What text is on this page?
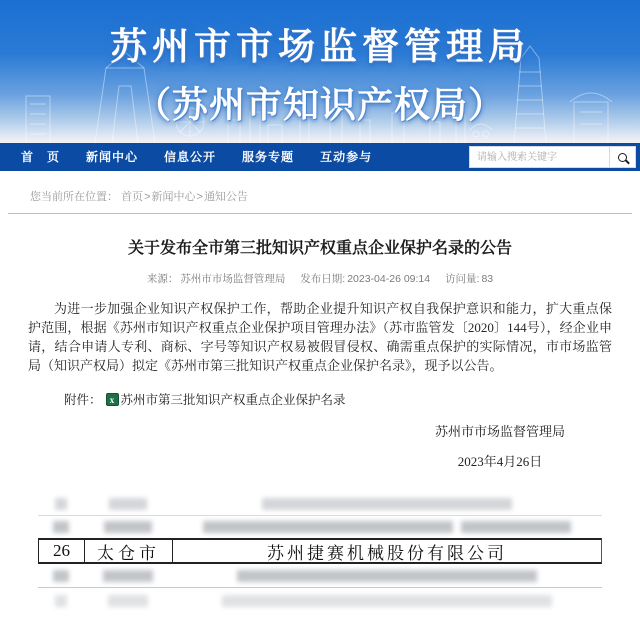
苏州市市场监督管理局
（苏州市知识产权局）
首　页	新闻中心	信息公开	服务专题	互动参与
请输入搜索关键字
您当前所在位置： 首页>新闻中心>通知公告
关于发布全市第三批知识产权重点企业保护名录的公告
来源： 苏州市市场监督管理局 发布日期: 2023-04-26 09:14 访问量: 83

为进一步加强企业知识产权保护工作，帮助企业提升知识产权自我保护意识和能力，扩大重点保护范围，根据《苏州市知识产权重点企业保护项目管理办法》（苏市监管发〔2020〕144号），经企业申请，结合申请人专利、商标、字号等知识产权易被假冒侵权、确需重点保护的实际情况，市市场监管局（知识产权局）拟定《苏州市第三批知识产权重点企业保护名录》，现予以公告。

附件： x 苏州市第三批知识产权重点企业保护名录
苏州市市场监督管理局
2023年4月26日
26	太仓市	苏州捷赛机械股份有限公司
